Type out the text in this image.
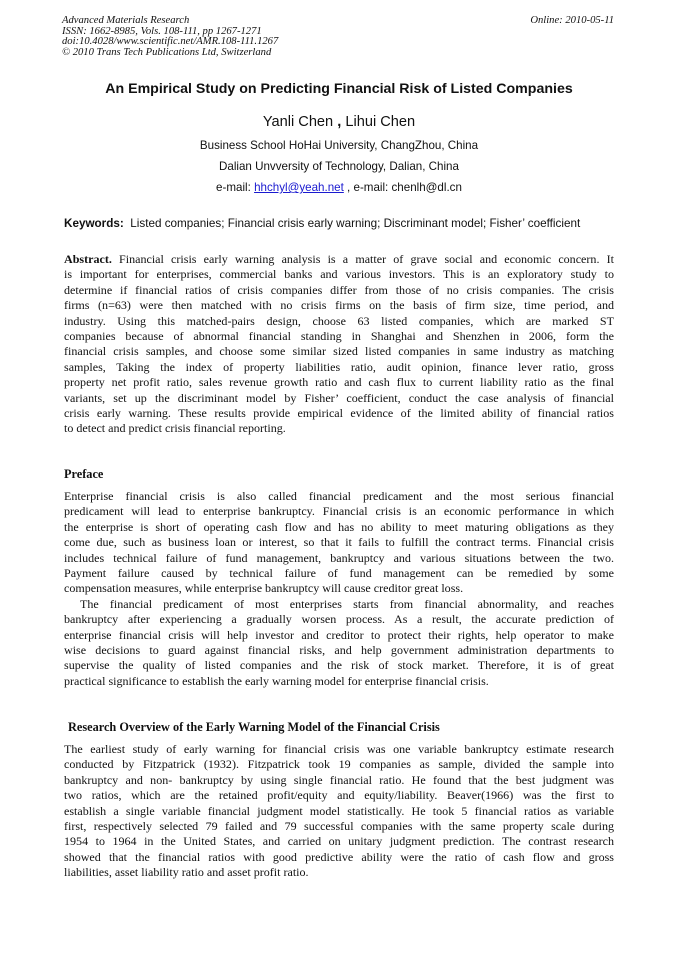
Advanced Materials Research
ISSN: 1662-8985, Vols. 108-111, pp 1267-1271
doi:10.4028/www.scientific.net/AMR.108-111.1267
© 2010 Trans Tech Publications Ltd, Switzerland
Online: 2010-05-11
An Empirical Study on Predicting Financial Risk of Listed Companies
Yanli Chen , Lihui Chen
Business School HoHai University, ChangZhou, China
Dalian Unvversity of Technology, Dalian, China
e-mail: hhchyl@yeah.net , e-mail: chenlh@dl.cn
Keywords: Listed companies; Financial crisis early warning; Discriminant model; Fisher’ coefficient
Abstract. Financial crisis early warning analysis is a matter of grave social and economic concern. It
is important for enterprises, commercial banks and various investors. This is an exploratory study to
determine if financial ratios of crisis companies differ from those of no crisis companies. The crisis
firms (n=63) were then matched with no crisis firms on the basis of firm size, time period, and
industry. Using this matched-pairs design, choose 63 listed companies, which are marked ST
companies because of abnormal financial standing in Shanghai and Shenzhen in 2006, form the
financial crisis samples, and choose some similar sized listed companies in same industry as matching
samples, Taking the index of property liabilities ratio, audit opinion, finance lever ratio, gross
property net profit ratio, sales revenue growth ratio and cash flux to current liability ratio as the final
variants, set up the discriminant model by Fisher’ coefficient, conduct the case analysis of financial
crisis early warning. These results provide empirical evidence of the limited ability of financial ratios
to detect and predict crisis financial reporting.
Preface
Enterprise financial crisis is also called financial predicament and the most serious financial
predicament will lead to enterprise bankruptcy. Financial crisis is an economic performance in which
the enterprise is short of operating cash flow and has no ability to meet maturing obligations as they
come due, such as business loan or interest, so that it fails to fulfill the contract terms. Financial crisis
includes technical failure of fund management, bankruptcy and various situations between the two.
Payment failure caused by technical failure of fund management can be remedied by some
compensation measures, while enterprise bankruptcy will cause creditor great loss.
The financial predicament of most enterprises starts from financial abnormality, and reaches
bankruptcy after experiencing a gradually worsen process. As a result, the accurate prediction of
enterprise financial crisis will help investor and creditor to protect their rights, help operator to make
wise decisions to guard against financial risks, and help government administration departments to
supervise the quality of listed companies and the risk of stock market. Therefore, it is of great
practical significance to establish the early warning model for enterprise financial crisis.
Research Overview of the Early Warning Model of the Financial Crisis
The earliest study of early warning for financial crisis was one variable bankruptcy estimate research
conducted by Fitzpatrick (1932). Fitzpatrick took 19 companies as sample, divided the sample into
bankruptcy and non- bankruptcy by using single financial ratio. He found that the best judgment was
two ratios, which are the retained profit/equity and equity/liability. Beaver(1966) was the first to
establish a single variable financial judgment model statistically. He took 5 financial ratios as variable
first, respectively selected 79 failed and 79 successful companies with the same property scale during
1954 to 1964 in the United States, and carried on unitary judgment prediction. The contrast research
showed that the financial ratios with good predictive ability were the ratio of cash flow and gross
liabilities, asset liability ratio and asset profit ratio.
